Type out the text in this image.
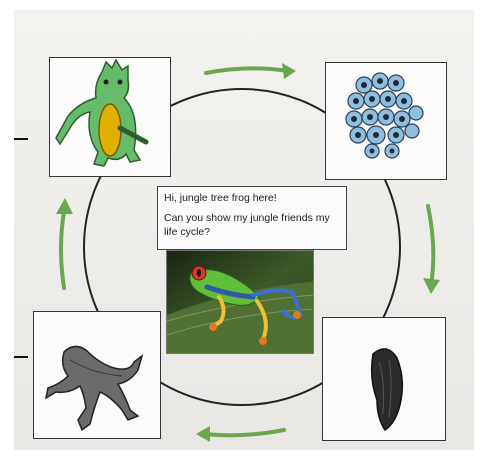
Hi, jungle tree frog here!

Can you show my jungle friends my life cycle?
